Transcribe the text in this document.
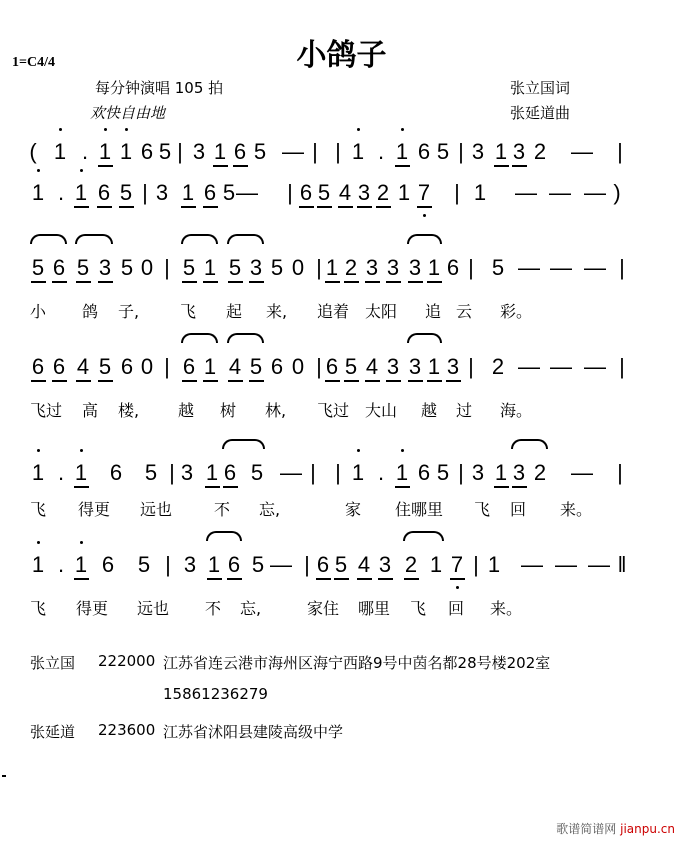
小鸽子
1=C4/4
每分钟演唱 105 拍
欢快自由地
张立国词
张延道曲
( 1 . 1 1 6 5 | 3 1 6 5 — | | 1 . 1 6 5 | 3 1 3 2 —	|
1 . 1 6 5 | 3 1 6 5 —	| 6 5 4 3 2 1 7	| 1 — — — )
5 6 5 3 5 0 | 5 1 5 3 5 0 | 1 2 3 3 3 1 6 | 5 — — — |
小 鸽 子,	飞 起 来, 追着 太阳 追 云 彩。
6 6 4 5 6 0 | 6 1 4 5 6 0 | 6 5 4 3 3 1 3 | 2 — — — |
飞过 高 楼, 越 树 林, 飞过 大山 越 过 海。
1 . 1 6 5 | 3 1 6 5 — | | 1 . 1 6 5 | 3 1 3 2 —	|
飞 得更 远也	不 忘,	家 住哪里 飞 回 来。
1 . 1 6 5 | 3 1 6 5 — | 6 5 4 3 2 1 7 | 1 — — — ‖
飞 得更 远也 不 忘,	家住 哪里 飞 回 来。
张立国 222000 江苏省连云港市海州区海宁西路9号中茵名都28号楼202室
15861236279
张延道 223600 江苏省沭阳县建陵高级中学
歌谱简谱网 jianpu.cn
